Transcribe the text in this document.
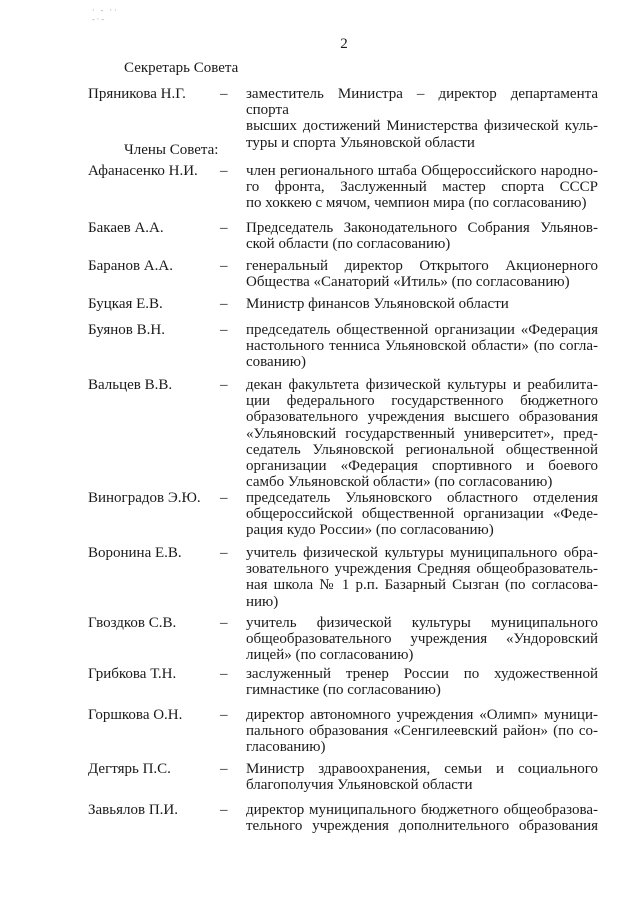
· - ·· -·-
2
Секретарь Совета
Пряникова Н.Г. – заместитель Министра – директор департамента спорта
высших достижений Министерства физической куль-
туры и спорта Ульяновской области
Члены Совета:
Афанасенко Н.И. – член регионального штаба Общероссийского народно-
го фронта, Заслуженный мастер спорта СССР
по хоккею с мячом, чемпион мира (по согласованию)
Бакаев А.А.	– Председатель Законодательного Собрания Ульянов-
ской области (по согласованию)
Баранов А.А.	– генеральный директор Открытого Акционерного
Общества «Санаторий «Итиль» (по согласованию)
Буцкая Е.В.	– Министр финансов Ульяновской области
Буянов В.Н.	– председатель общественной организации «Федерация
настольного тенниса Ульяновской области» (по согла-
сованию)
Вальцев В.В.	– декан факультета физической культуры и реабилита-
ции федерального государственного бюджетного
образовательного учреждения высшего образования
«Ульяновский государственный университет», пред-
седатель Ульяновской региональной общественной
организации «Федерация спортивного и боевого
самбо Ульяновской области» (по согласованию)
Виноградов Э.Ю. – председатель Ульяновского областного отделения
общероссийской общественной организации «Феде-
рация кудо России» (по согласованию)
Воронина Е.В.	– учитель физической культуры муниципального обра-
зовательного учреждения Средняя общеобразователь-
ная школа № 1 р.п. Базарный Сызган (по согласова-
нию)
Гвоздков С.В.	– учитель физической культуры муниципального
общеобразовательного учреждения «Ундоровский
лицей» (по согласованию)
Грибкова Т.Н.	– заслуженный тренер России по художественной
гимнастике (по согласованию)
Горшкова О.Н.	– директор автономного учреждения «Олимп» муници-
пального образования «Сенгилеевский район» (по со-
гласованию)
Дегтярь П.С.	– Министр здравоохранения, семьи и социального
благополучия Ульяновской области
Завьялов П.И.	– директор муниципального бюджетного общеобразова-
тельного учреждения дополнительного образования
